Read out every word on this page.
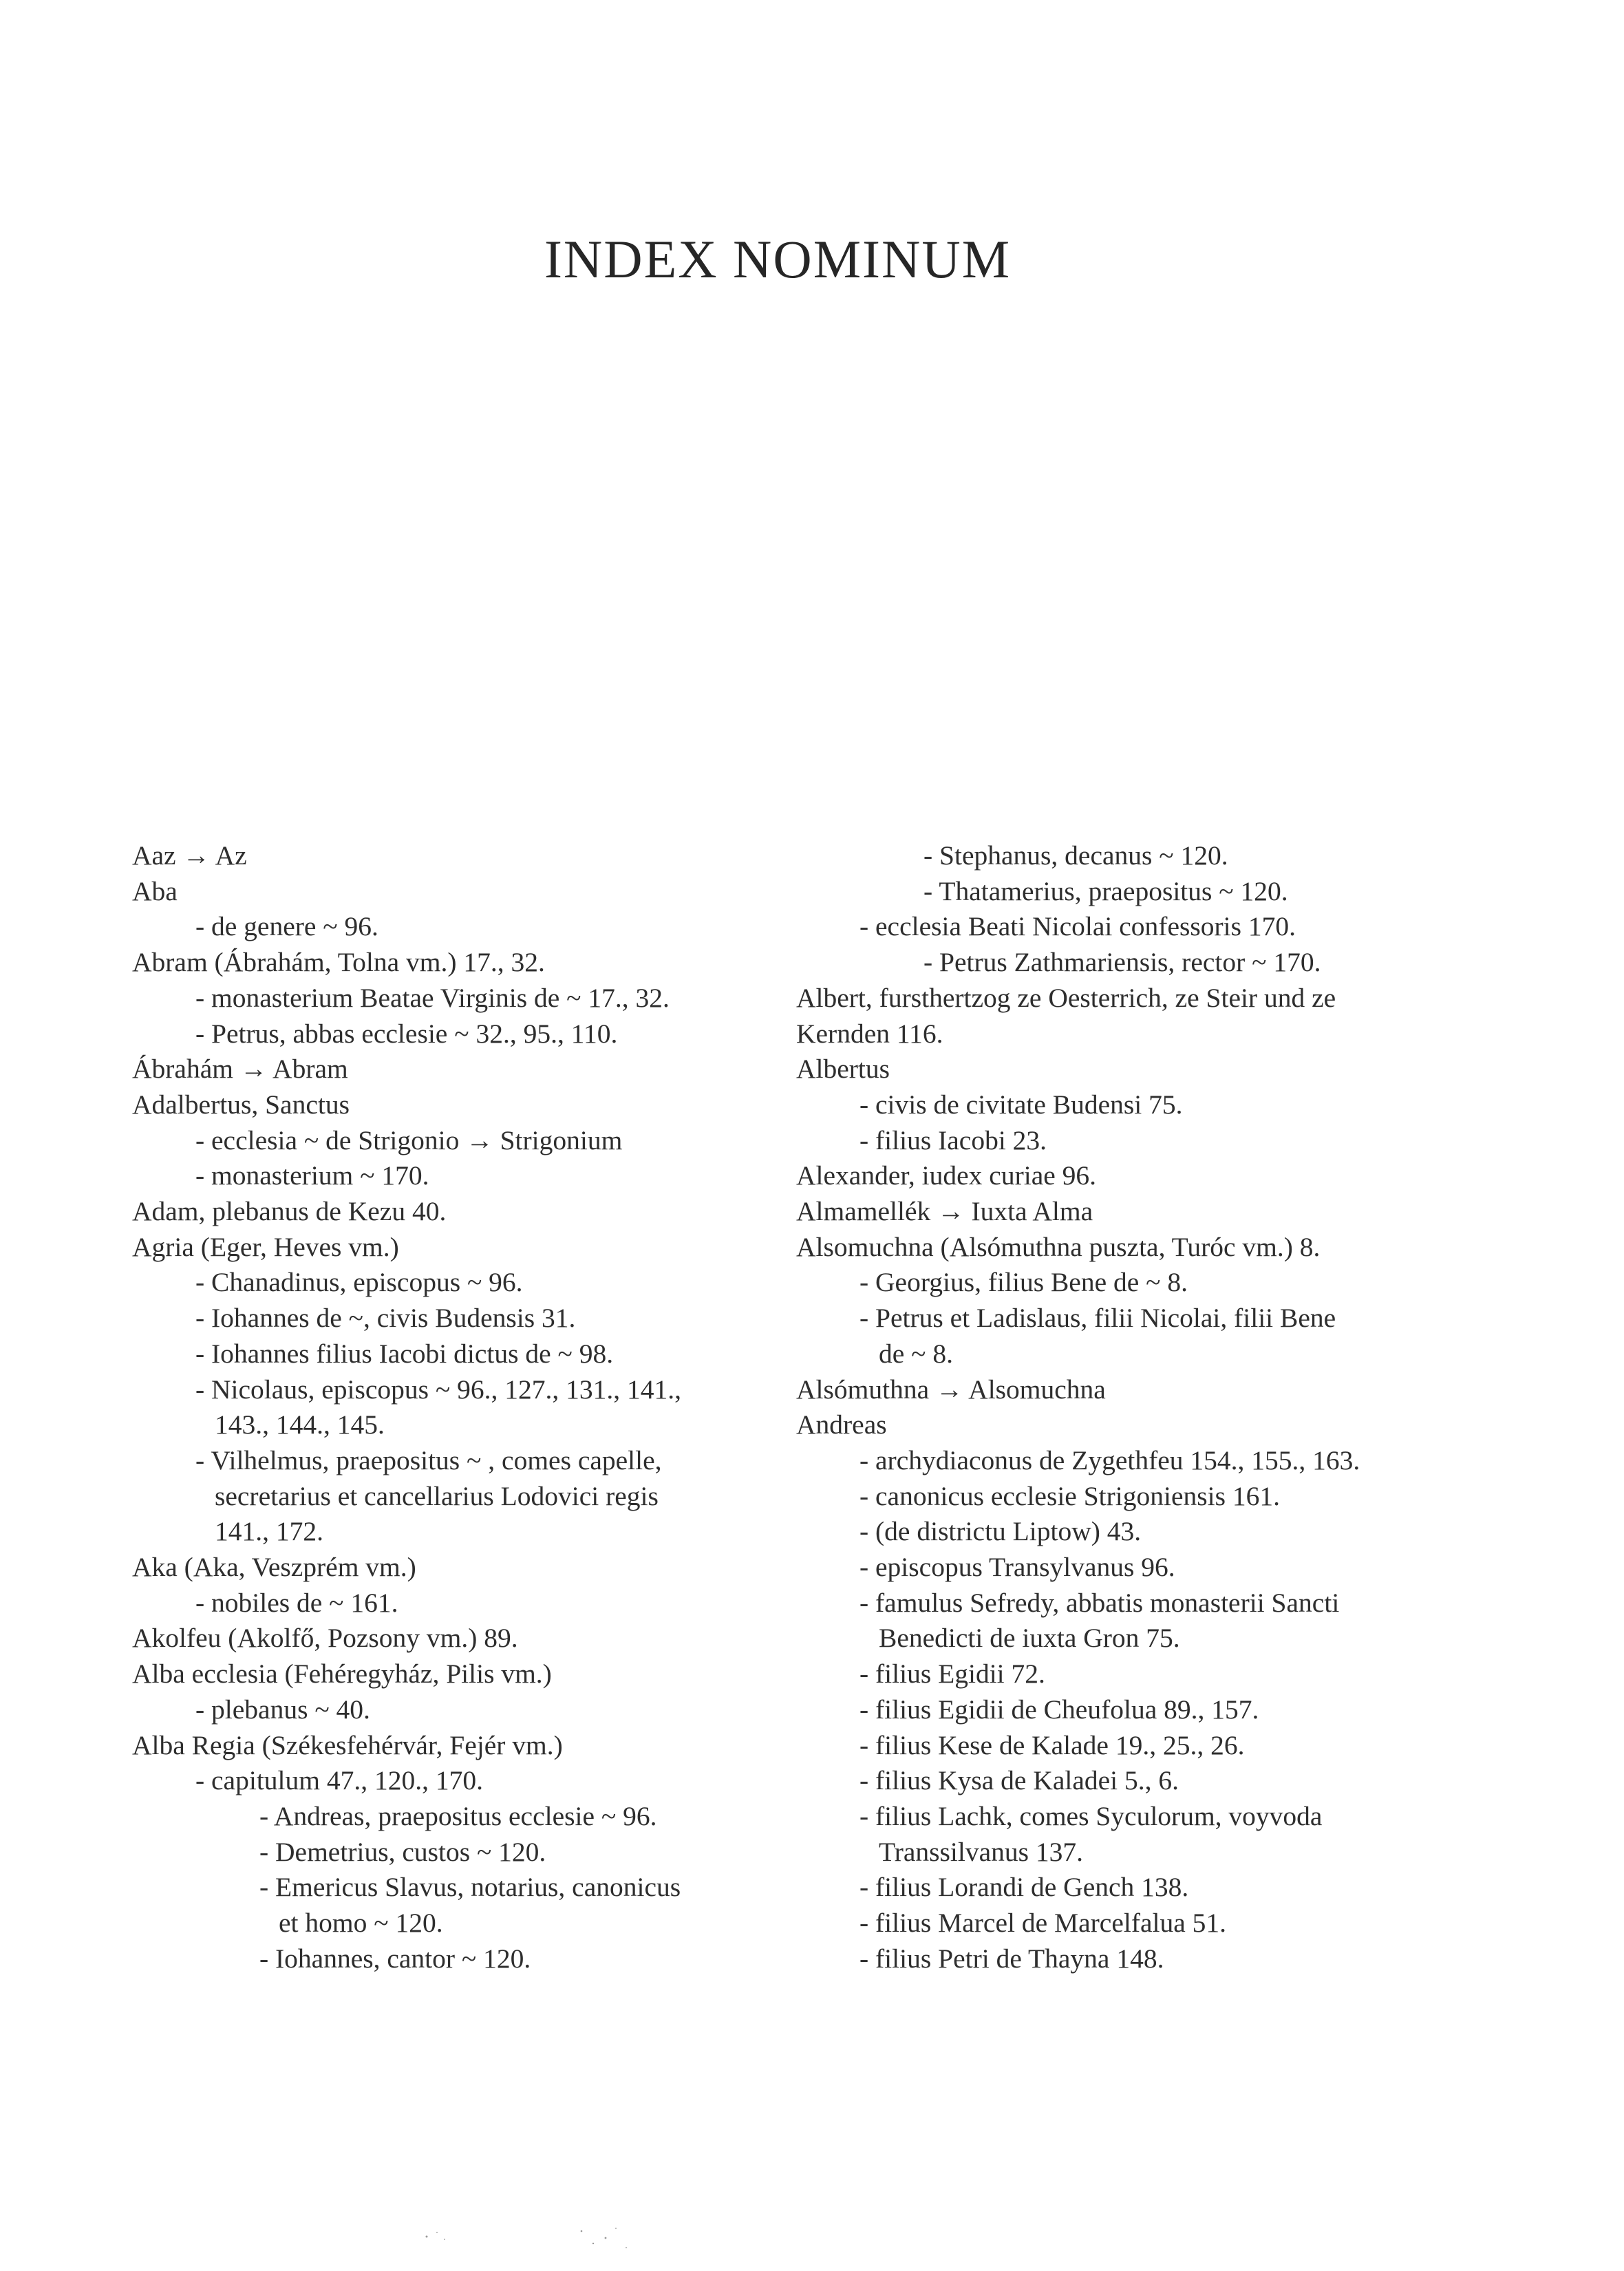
INDEX NOMINUM
Aaz → Az
Aba
- de genere ~ 96.
Abram (Ábrahám, Tolna vm.) 17., 32.
- monasterium Beatae Virginis de ~ 17., 32.
- Petrus, abbas ecclesie ~ 32., 95., 110.
Ábrahám → Abram
Adalbertus, Sanctus
- ecclesia ~ de Strigonio → Strigonium
- monasterium ~ 170.
Adam, plebanus de Kezu 40.
Agria (Eger, Heves vm.)
- Chanadinus, episcopus ~ 96.
- Iohannes de ~, civis Budensis 31.
- Iohannes filius Iacobi dictus de ~ 98.
- Nicolaus, episcopus ~ 96., 127., 131., 141.,
143., 144., 145.
- Vilhelmus, praepositus ~ , comes capelle,
secretarius et cancellarius Lodovici regis
141., 172.
Aka (Aka, Veszprém vm.)
- nobiles de ~ 161.
Akolfeu (Akolfő, Pozsony vm.) 89.
Alba ecclesia (Fehéregyház, Pilis vm.)
- plebanus ~ 40.
Alba Regia (Székesfehérvár, Fejér vm.)
- capitulum 47., 120., 170.
- Andreas, praepositus ecclesie ~ 96.
- Demetrius, custos ~ 120.
- Emericus Slavus, notarius, canonicus
et homo ~ 120.
- Iohannes, cantor ~ 120.
- Stephanus, decanus ~ 120.
- Thatamerius, praepositus ~ 120.
- ecclesia Beati Nicolai confessoris 170.
- Petrus Zathmariensis, rector ~ 170.
Albert, fursthertzog ze Oesterrich, ze Steir und ze
Kernden 116.
Albertus
- civis de civitate Budensi 75.
- filius Iacobi 23.
Alexander, iudex curiae 96.
Almamellék → Iuxta Alma
Alsomuchna (Alsómuthna puszta, Turóc vm.) 8.
- Georgius, filius Bene de ~ 8.
- Petrus et Ladislaus, filii Nicolai, filii Bene
de ~ 8.
Alsómuthna → Alsomuchna
Andreas
- archydiaconus de Zygethfeu 154., 155., 163.
- canonicus ecclesie Strigoniensis 161.
- (de districtu Liptow) 43.
- episcopus Transylvanus 96.
- famulus Sefredy, abbatis monasterii Sancti
Benedicti de iuxta Gron 75.
- filius Egidii 72.
- filius Egidii de Cheufolua 89., 157.
- filius Kese de Kalade 19., 25., 26.
- filius Kysa de Kaladei 5., 6.
- filius Lachk, comes Syculorum, voyvoda
Transsilvanus 137.
- filius Lorandi de Gench 138.
- filius Marcel de Marcelfalua 51.
- filius Petri de Thayna 148.
